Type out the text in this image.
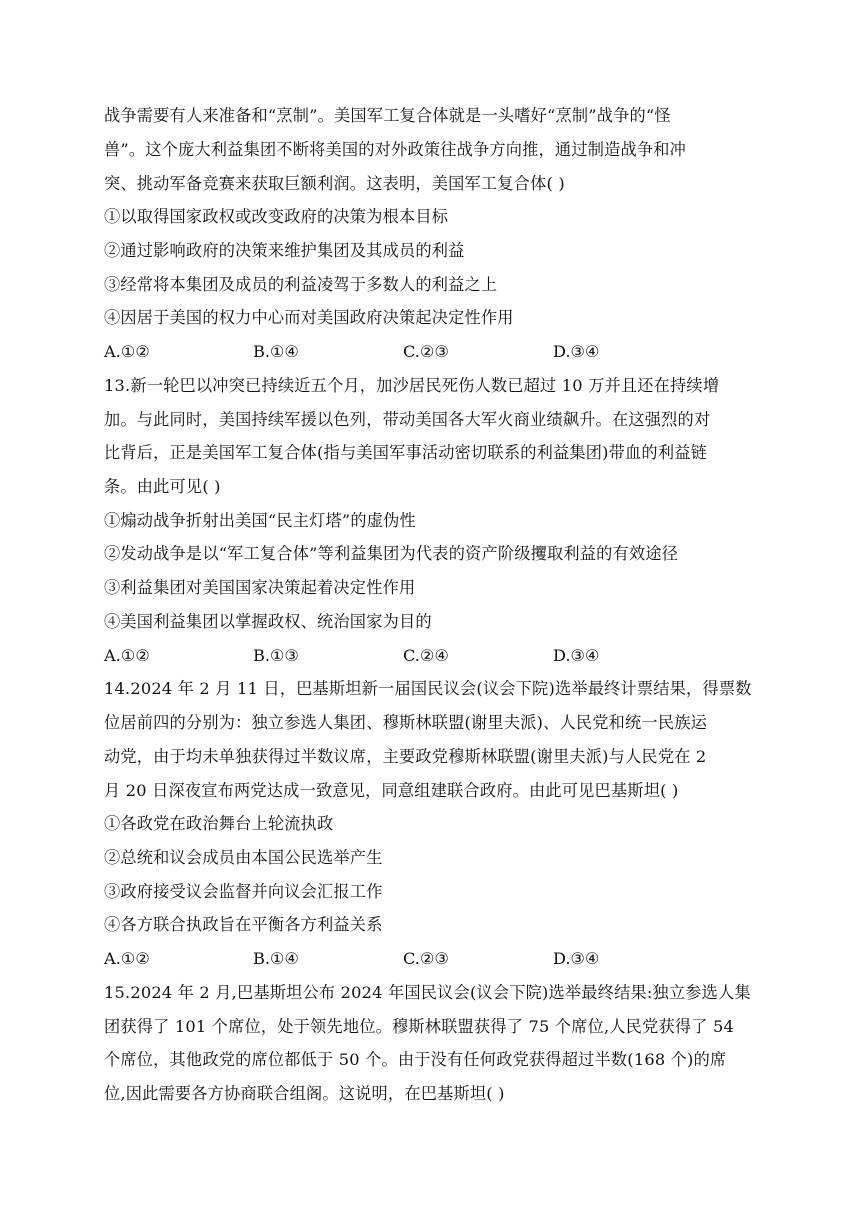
战争需要有人来准备和“烹制”。美国军工复合体就是一头嗜好“烹制”战争的“怪
兽”。这个庞大利益集团不断将美国的对外政策往战争方向推，通过制造战争和冲
突、挑动军备竞赛来获取巨额利润。这表明，美国军工复合体( )
①以取得国家政权或改变政府的决策为根本目标
②通过影响政府的决策来维护集团及其成员的利益
③经常将本集团及成员的利益凌驾于多数人的利益之上
④因居于美国的权力中心而对美国政府决策起决定性作用
A.①②	B.①④	C.②③	D.③④
13.新一轮巴以冲突已持续近五个月，加沙居民死伤人数已超过 10 万并且还在持续增
加。与此同时，美国持续军援以色列，带动美国各大军火商业绩飙升。在这强烈的对
比背后，正是美国军工复合体(指与美国军事活动密切联系的利益集团)带血的利益链
条。由此可见( )
①煽动战争折射出美国“民主灯塔”的虚伪性
②发动战争是以“军工复合体”等利益集团为代表的资产阶级攫取利益的有效途径
③利益集团对美国国家决策起着决定性作用
④美国利益集团以掌握政权、统治国家为目的
A.①②	B.①③	C.②④	D.③④
14.2024 年 2 月 11 日，巴基斯坦新一届国民议会(议会下院)选举最终计票结果，得票数
位居前四的分别为：独立参选人集团、穆斯林联盟(谢里夫派)、人民党和统一民族运
动党，由于均未单独获得过半数议席，主要政党穆斯林联盟(谢里夫派)与人民党在 2
月 20 日深夜宣布两党达成一致意见，同意组建联合政府。由此可见巴基斯坦( )
①各政党在政治舞台上轮流执政
②总统和议会成员由本国公民选举产生
③政府接受议会监督并向议会汇报工作
④各方联合执政旨在平衡各方利益关系
A.①②	B.①④	C.②③	D.③④
15.2024 年 2 月,巴基斯坦公布 2024 年国民议会(议会下院)选举最终结果:独立参选人集
团获得了 101 个席位，处于领先地位。穆斯林联盟获得了 75 个席位,人民党获得了 54
个席位，其他政党的席位都低于 50 个。由于没有任何政党获得超过半数(168 个)的席
位,因此需要各方协商联合组阁。这说明，在巴基斯坦( )
